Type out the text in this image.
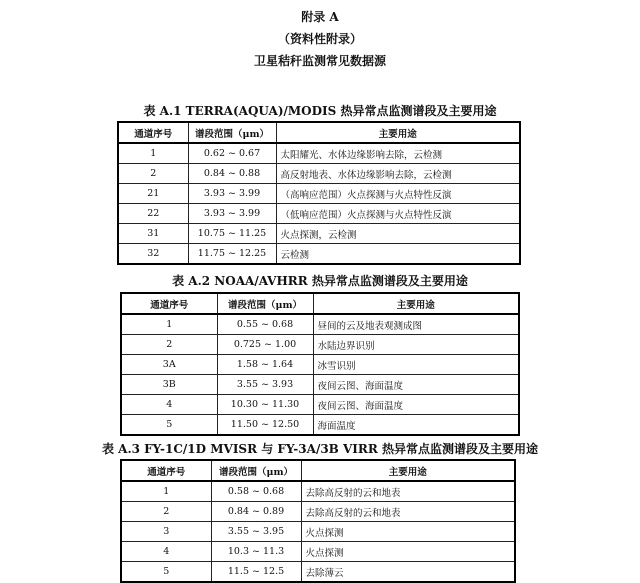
附录 A
（资料性附录）
卫星秸秆监测常见数据源
表 A.1 TERRA(AQUA)/MODIS 热异常点监测谱段及主要用途
通道序号	谱段范围（μm）	主要用途
1	0.62 ~ 0.67	太阳耀光、水体边缘影响去除，云检测
2	0.84 ~ 0.88	高反射地表、水体边缘影响去除，云检测
21	3.93 ~ 3.99	（高响应范围）火点探测与火点特性反演
22	3.93 ~ 3.99	（低响应范围）火点探测与火点特性反演
31	10.75 ~ 11.25	火点探测，云检测
32	11.75 ~ 12.25	云检测
表 A.2 NOAA/AVHRR 热异常点监测谱段及主要用途
通道序号	谱段范围（μm）	主要用途
1	0.55 ~ 0.68	昼间的云及地表观测成图
2	0.725 ~ 1.00	水陆边界识别
3A	1.58 ~ 1.64	冰雪识别
3B	3.55 ~ 3.93	夜间云图、海面温度
4	10.30 ~ 11.30	夜间云图、海面温度
5	11.50 ~ 12.50	海面温度
表 A.3 FY-1C/1D MVISR 与 FY-3A/3B VIRR 热异常点监测谱段及主要用途
通道序号	谱段范围（μm）	主要用途
1	0.58 ~ 0.68	去除高反射的云和地表
2	0.84 ~ 0.89	去除高反射的云和地表
3	3.55 ~ 3.95	火点探测
4	10.3 ~ 11.3	火点探测
5	11.5 ~ 12.5	去除薄云
